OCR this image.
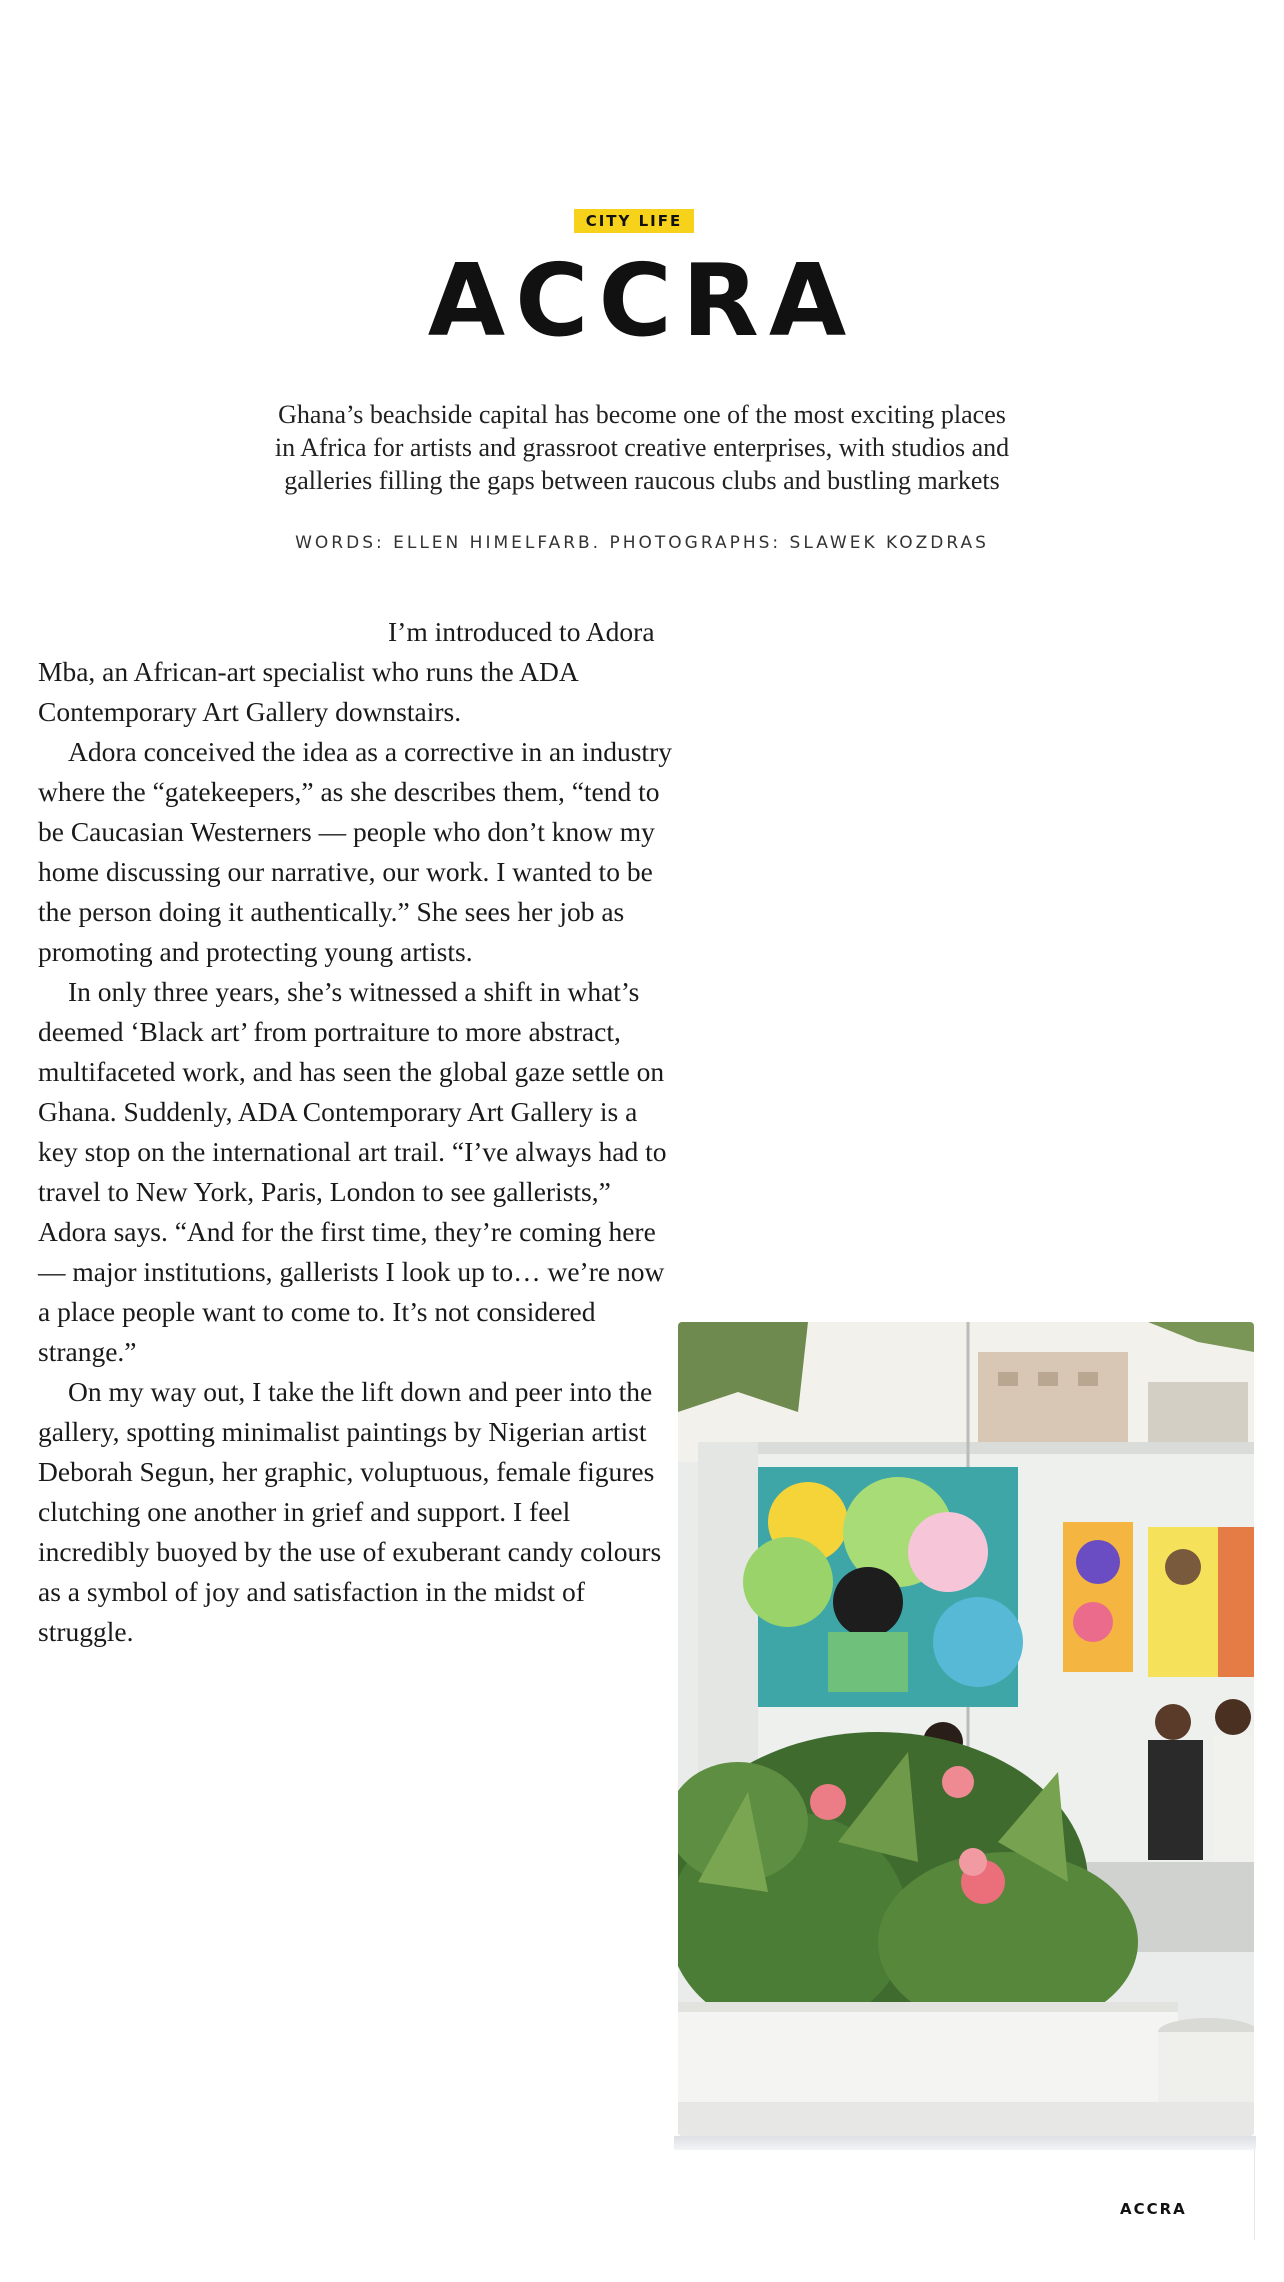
CITY LIFE
ACCRA
Ghana’s beachside capital has become one of the most exciting places
in Africa for artists and grassroot creative enterprises, with studios and
galleries filling the gaps between raucous clubs and bustling markets
WORDS: ELLEN HIMELFARB. PHOTOGRAPHS: SLAWEK KOZDRAS

I’m introduced to Adora Mba, an African-art specialist who runs the ADA Contemporary Art Gallery downstairs.

Adora conceived the idea as a corrective in an industry where the “gatekeepers,” as she describes them, “tend to be Caucasian Westerners — people who don’t know my home discussing our narrative, our work. I wanted to be the person doing it authentically.” She sees her job as promoting and protecting young artists.

In only three years, she’s witnessed a shift in what’s deemed ‘Black art’ from portraiture to more abstract, multifaceted work, and has seen the global gaze settle on Ghana. Suddenly, ADA Contemporary Art Gallery is a key stop on the international art trail. “I’ve always had to travel to New York, Paris, London to see gallerists,” Adora says. “And for the first time, they’re coming here — major institutions, gallerists I look up to… we’re now a place people want to come to. It’s not considered strange.”

On my way out, I take the lift down and peer into the gallery, spotting minimalist paintings by Nigerian artist Deborah Segun, her graphic, voluptuous, female figures clutching one another in grief and support. I feel incredibly buoyed by the use of exuberant candy colours as a symbol of joy and satisfaction in the midst of struggle.

ACCRA
